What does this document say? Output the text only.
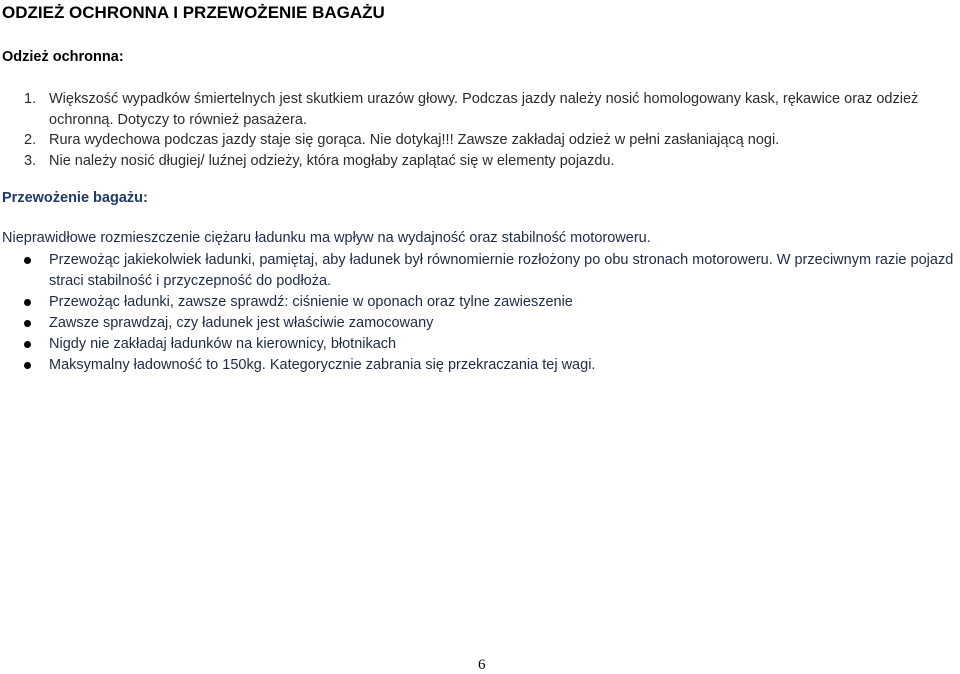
ODZIEŻ OCHRONNA I PRZEWOŻENIE BAGAŻU
Odzież ochronna:
1. Większość wypadków śmiertelnych jest skutkiem urazów głowy. Podczas jazdy należy nosić homologowany kask, rękawice oraz odzież ochronną. Dotyczy to również pasażera.
2. Rura wydechowa podczas jazdy staje się gorąca. Nie dotykaj!!! Zawsze zakładaj odzież w pełni zasłaniającą nogi.
3. Nie należy nosić długiej/ luźnej odzieży, która mogłaby zaplątać się w elementy pojazdu.
Przewożenie bagażu:
Nieprawidłowe rozmieszczenie ciężaru ładunku ma wpływ na wydajność oraz stabilność motoroweru.
Przewożąc jakiekolwiek ładunki, pamiętaj, aby ładunek był równomiernie rozłożony po obu stronach motoroweru. W przeciwnym razie pojazd straci stabilność i przyczepność do podłoża.
Przewożąc ładunki, zawsze sprawdź: ciśnienie w oponach oraz tylne zawieszenie
Zawsze sprawdzaj, czy ładunek jest właściwie zamocowany
Nigdy nie zakładaj ładunków na kierownicy, błotnikach
Maksymalny ładowność to 150kg. Kategorycznie zabrania się przekraczania tej wagi.
6
